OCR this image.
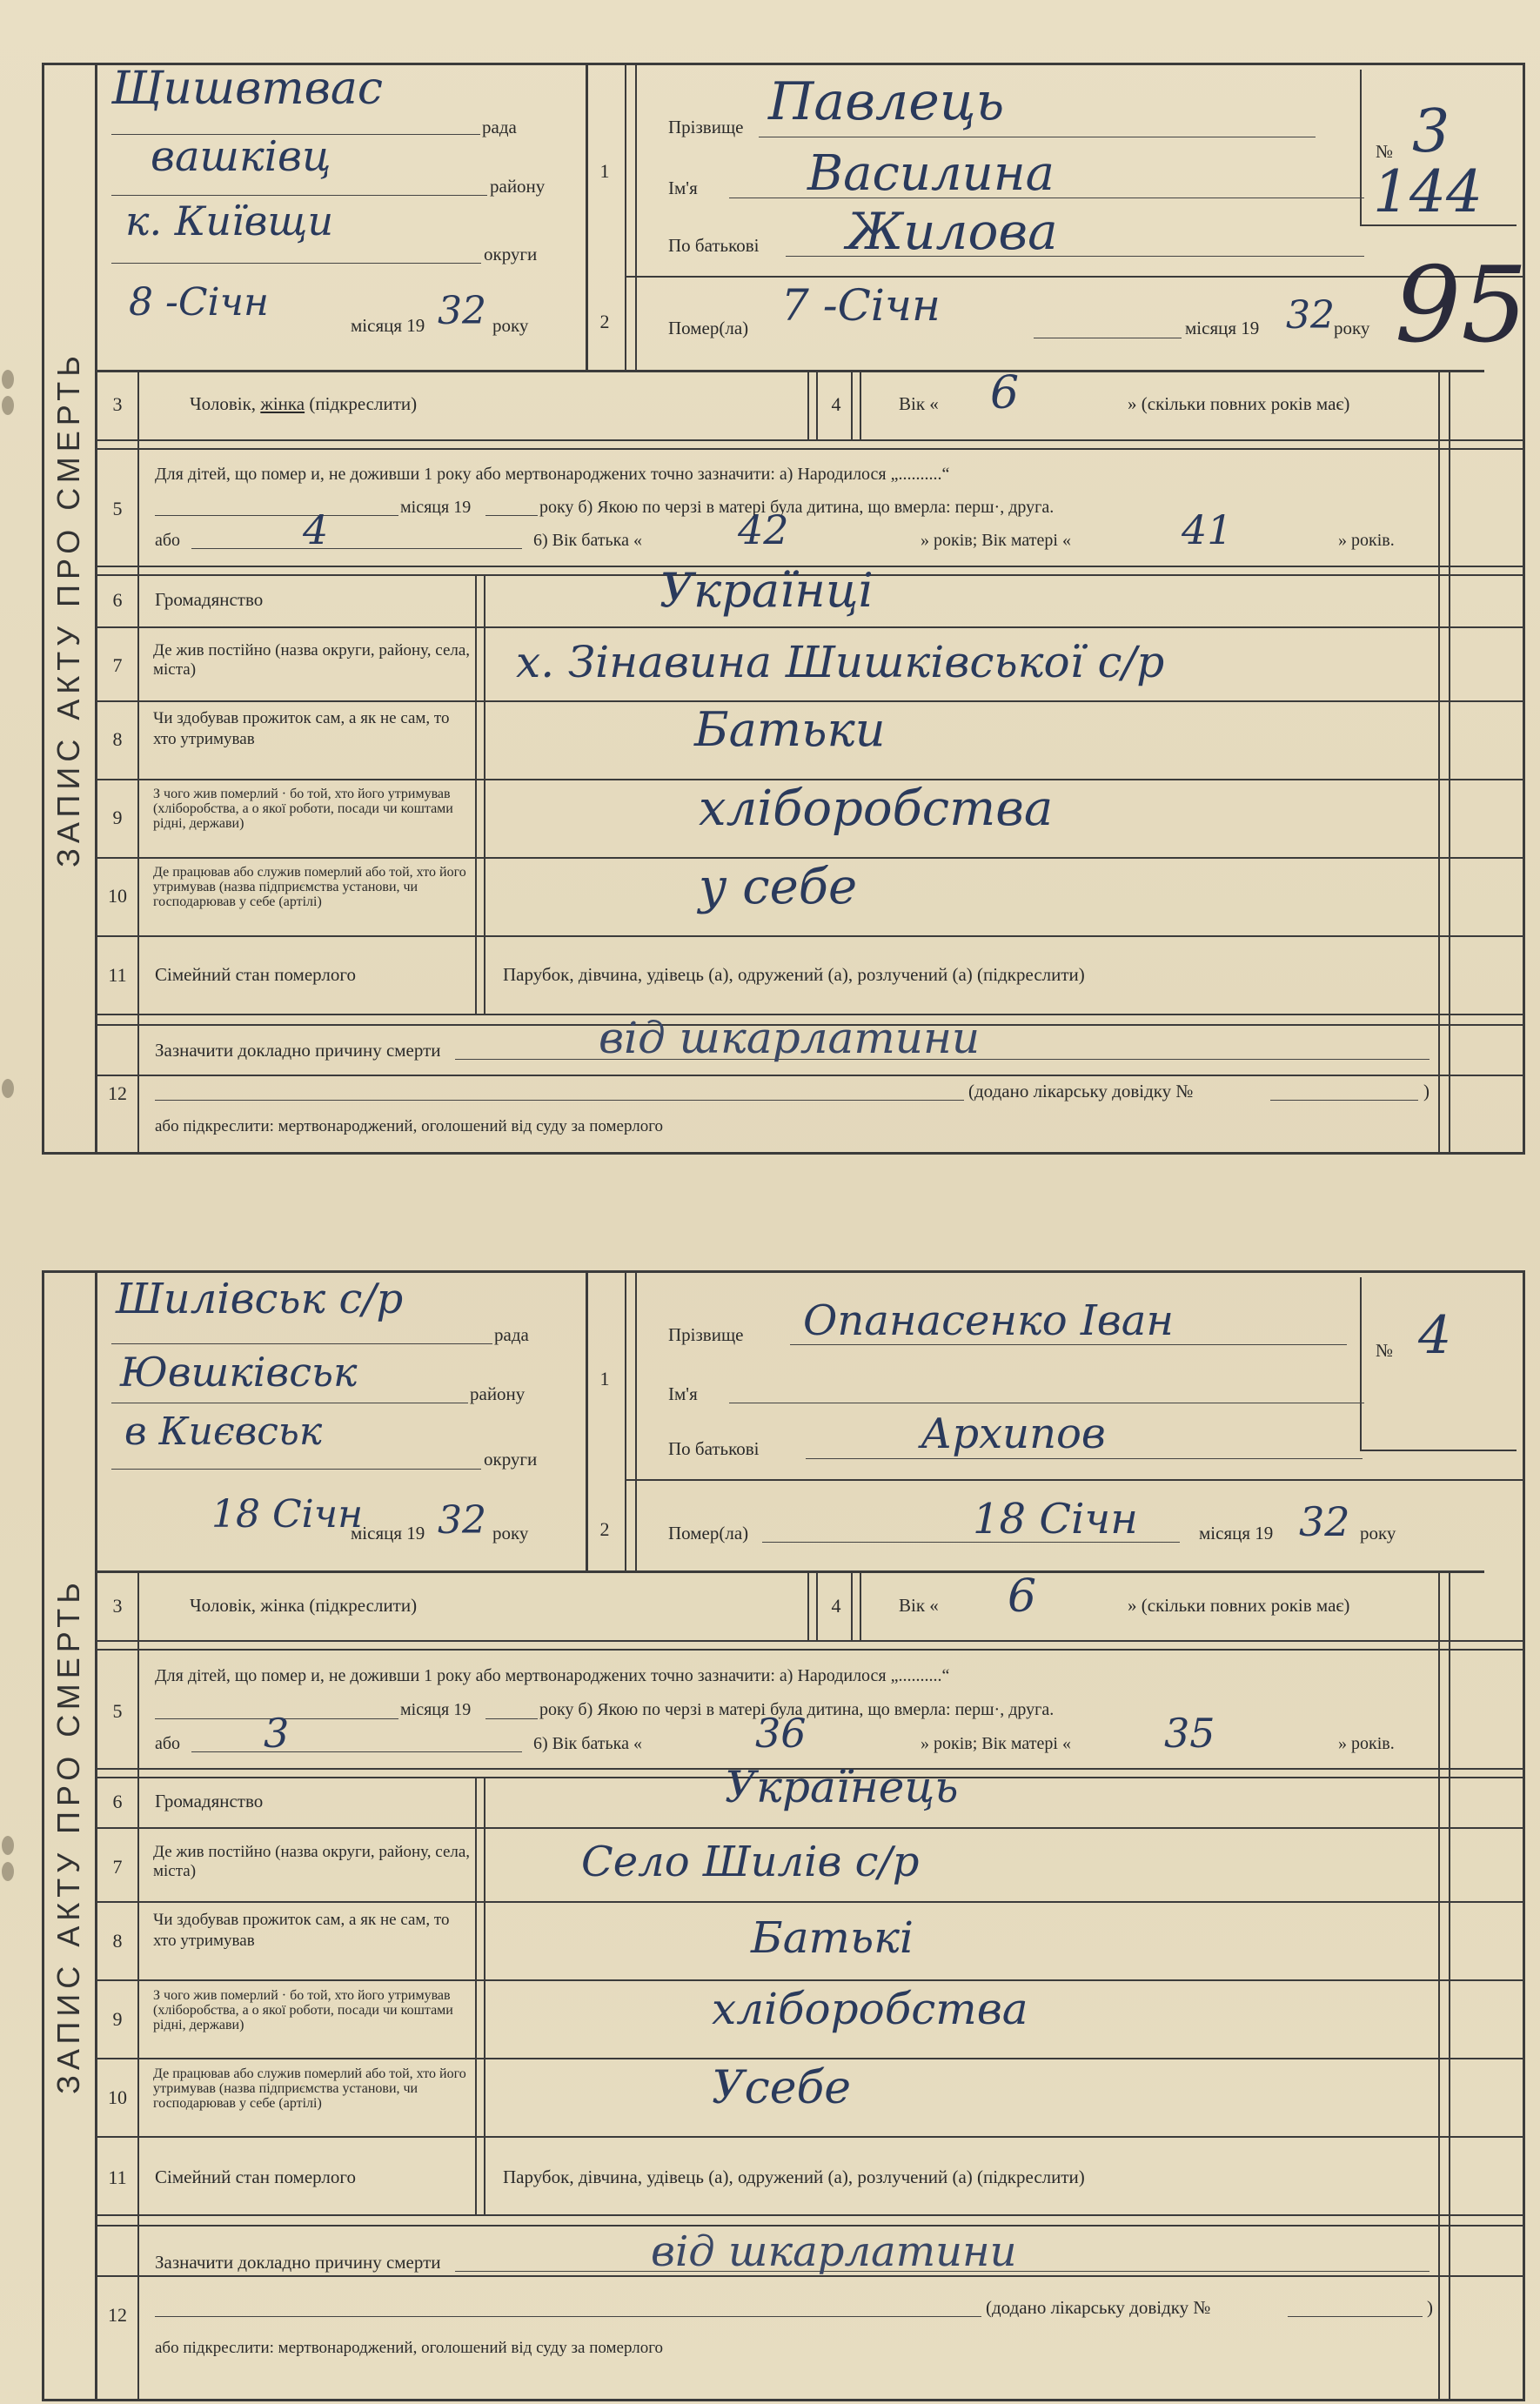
ЗАПИС АКТУ ПРО СМЕРТЬ
Щишвтвас
рада
вашківц
району
к. Київщи
округи
8 -Січн
місяця 19 32 року
1
2
Прізвище Павлець
Ім'я Василина
По батькові Жилова
№ 3
144
95
Помер(ла) 7 -Січн	місяця 19 32 року
3	Чоловік, жінка (підкреслити)	4	Вік « 6	» (скільки повних років має)
5
Для дітей, що помер и, не доживши 1 року або мертвонароджених точно зазначити: а) Народилося „..........“
місяця 19	року б) Якою по черзі в матері була дитина, що вмерла: перш·, друга.
або	4	6) Вік батька « 42	» років; Вік матері «	41	» років.
6	Громадянство	Українці
7
Де жив постійно (назва округи, району, села, міста)	х. Зінавина Шишківської с/р
8
Чи здобував прожиток сам, а як не сам, то хто утримував	Батьки
9
З чого жив померлий · бо той, хто його утримував (хліборобства, а о якої роботи, посади чи коштами рідні, держави)	хліборобства
10
Де працював або служив померлий або той, хто його утримував (назва підприємства установи, чи господарював у себе (артілі)	у себе
11 Сімейний стан померлого	Парубок, дівчина, удівець (а), одружений (а), розлучений (а) (підкреслити)
12
Зазначити докладно причину смерти	від шкарлатини
(додано лікарську довідку №	)
або підкреслити: мертвонароджений, оголошений від суду за померлого
ЗАПИС АКТУ ПРО СМЕРТЬ
Шилівськ с/р
рада
Ювшківськ	району
в Києвськ
округи
18 Січн
місяця 19 32 року
1
2
Прізвище Опанасенко Іван
Ім'я
По батькові	Архипов
№ 4
Помер(ла)	18 Січн	місяця 19 32 року
3	Чоловік, жінка (підкреслити)	4	Вік « 6	» (скільки повних років має)
5
Для дітей, що помер и, не доживши 1 року або мертвонароджених точно зазначити: а) Народилося „..........“
місяця 19	року б) Якою по черзі в матері була дитина, що вмерла: перш·, друга.
або 3	6) Вік батька «	36	» років; Вік матері « 35	» років.
6	Громадянство	Українець
7
Де жив постійно (назва округи, району, села, міста)	Село Шилів с/р
8
Чи здобував прожиток сам, а як не сам, то хто утримував	Батькі
9
З чого жив померлий · бо той, хто його утримував (хліборобства, а о якої роботи, посади чи коштами рідні, держави)	хліборобства
10
Де працював або служив померлий або той, хто його утримував (назва підприємства установи, чи господарював у себе (артілі)	Усебе
11 Сімейний стан померлого	Парубок, дівчина, удівець (а), одружений (а), розлучений (а) (підкреслити)
12
Зазначити докладно причину смерти	від шкарлатини
(додано лікарську довідку №	)
або підкреслити: мертвонароджений, оголошений від суду за померлого
